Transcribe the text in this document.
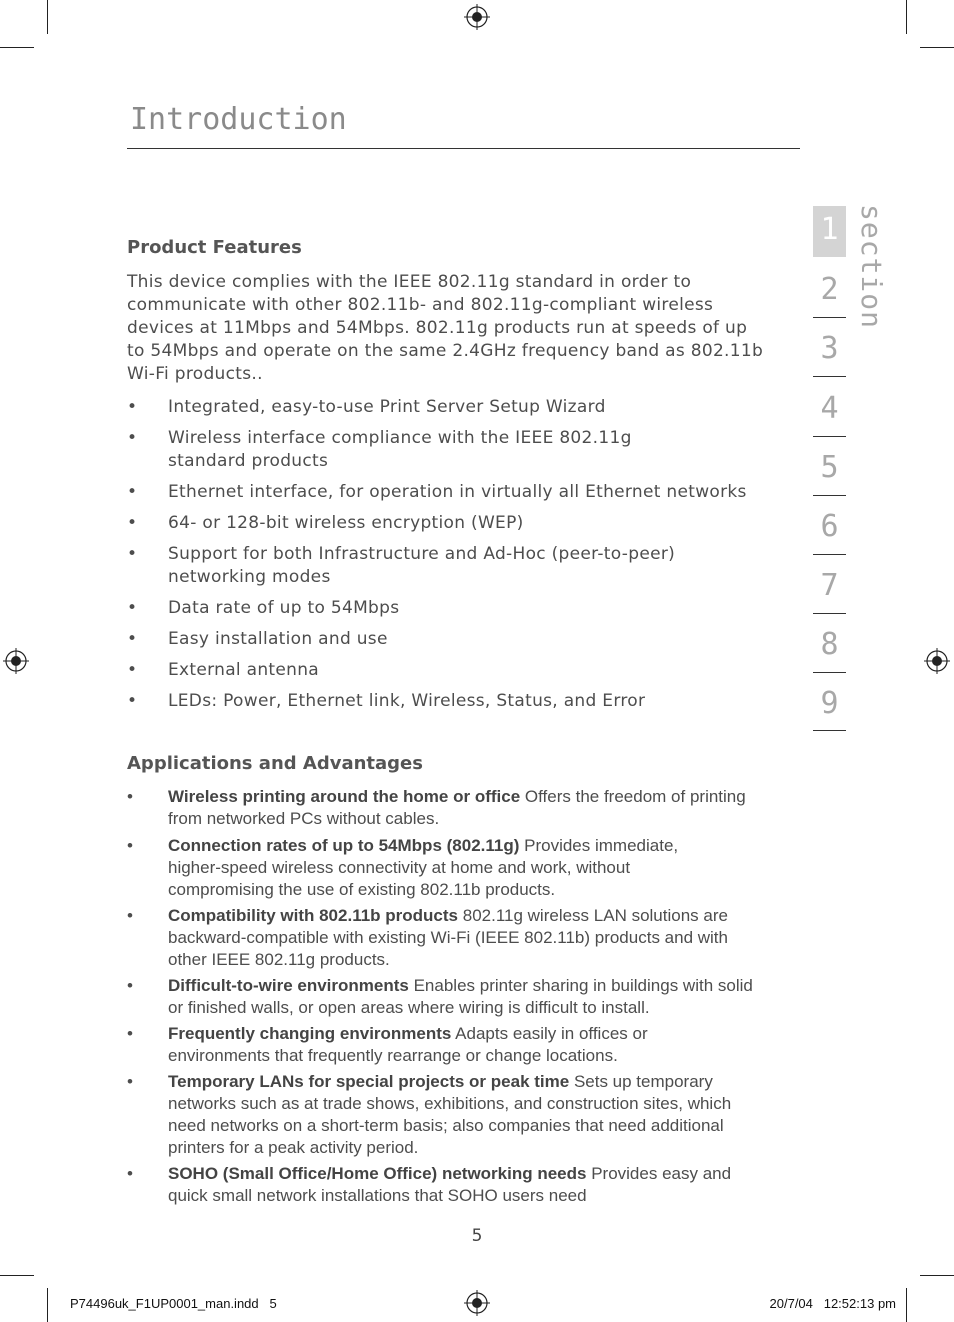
Introduction
section
1
2
3
4
5
6
7
8
9
Product Features
This device complies with the IEEE 802.11g standard in order to communicate with other 802.11b- and 802.11g-compliant wireless devices at 11Mbps and 54Mbps. 802.11g products run at speeds of up to 54Mbps and operate on the same 2.4GHz frequency band as 802.11b Wi-Fi products..
• Integrated, easy-to-use Print Server Setup Wizard
• Wireless interface compliance with the IEEE 802.11g standard products
• Ethernet interface, for operation in virtually all Ethernet networks
• 64- or 128-bit wireless encryption (WEP)
• Support for both Infrastructure and Ad-Hoc (peer-to-peer) networking modes
• Data rate of up to 54Mbps
• Easy installation and use
• External antenna
• LEDs: Power, Ethernet link, Wireless, Status, and Error
Applications and Advantages
• Wireless printing around the home or office Offers the freedom of printing from networked PCs without cables.
• Connection rates of up to 54Mbps (802.11g) Provides immediate, higher-speed wireless connectivity at home and work, without compromising the use of existing 802.11b products.
• Compatibility with 802.11b products 802.11g wireless LAN solutions are backward-compatible with existing Wi-Fi (IEEE 802.11b) products and with other IEEE 802.11g products.
• Difficult-to-wire environments Enables printer sharing in buildings with solid or finished walls, or open areas where wiring is difficult to install.
• Frequently changing environments Adapts easily in offices or environments that frequently rearrange or change locations.
• Temporary LANs for special projects or peak time Sets up temporary networks such as at trade shows, exhibitions, and construction sites, which need networks on a short-term basis; also companies that need additional printers for a peak activity period.
• SOHO (Small Office/Home Office) networking needs Provides easy and quick small network installations that SOHO users need
5
P74496uk_F1UP0001_man.indd   5	20/7/04   12:52:13 pm
